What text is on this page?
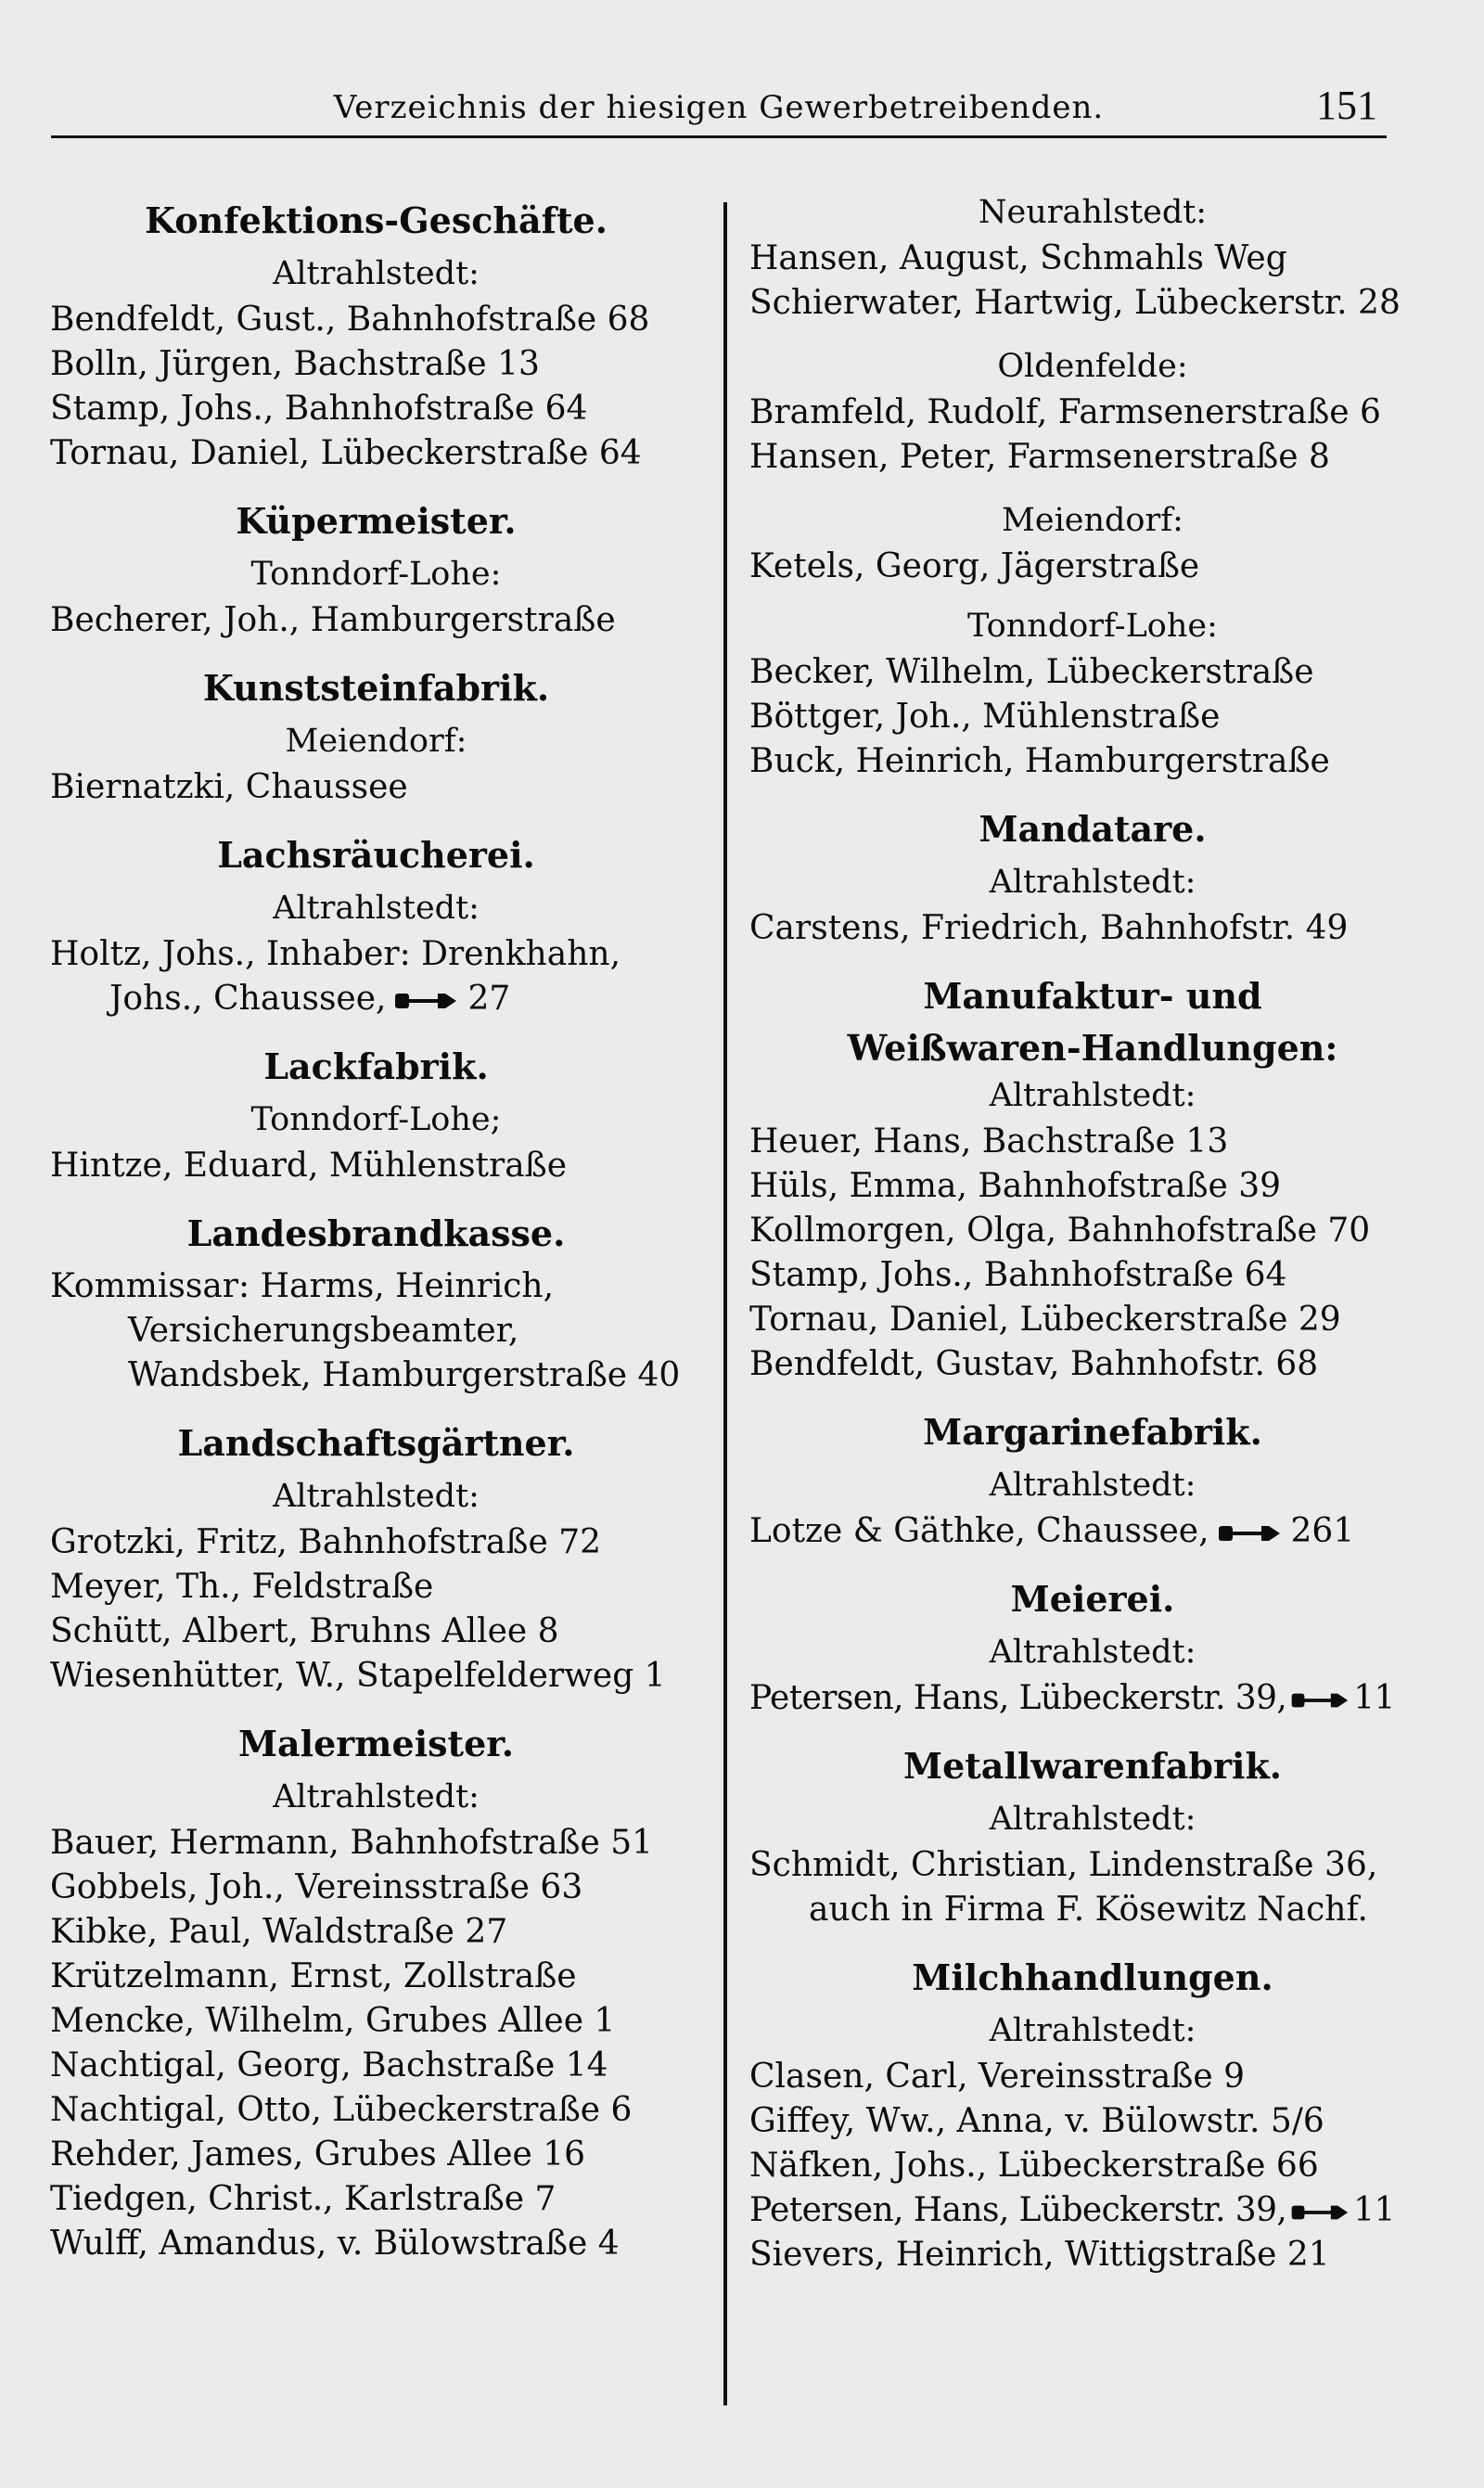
Verzeichnis der hiesigen Gewerbetreibenden.	151
Konfektions-Geschäfte.
Altrahlstedt:
Bendfeldt, Gust., Bahnhofstraße 68
Bolln, Jürgen, Bachstraße 13
Stamp, Johs., Bahnhofstraße 64
Tornau, Daniel, Lübeckerstraße 64
Küpermeister.
Tonndorf-Lohe:
Becherer, Joh., Hamburgerstraße
Kunststeinfabrik.
Meiendorf:
Biernatzki, Chaussee
Lachsräucherei.
Altrahlstedt:
Holtz, Johs., Inhaber: Drenkhahn,
Johs., Chaussee, 27
Lackfabrik.
Tonndorf-Lohe;
Hintze, Eduard, Mühlenstraße
Landesbrandkasse.
Kommissar: Harms, Heinrich, Versicherungsbeamter, Wandsbek, Hamburgerstraße 40
Landschaftsgärtner.
Altrahlstedt:
Grotzki, Fritz, Bahnhofstraße 72
Meyer, Th., Feldstraße
Schütt, Albert, Bruhns Allee 8
Wiesenhütter, W., Stapelfelderweg 1
Malermeister.
Altrahlstedt:
Bauer, Hermann, Bahnhofstraße 51
Gobbels, Joh., Vereinsstraße 63
Kibke, Paul, Waldstraße 27
Krützelmann, Ernst, Zollstraße
Mencke, Wilhelm, Grubes Allee 1
Nachtigal, Georg, Bachstraße 14
Nachtigal, Otto, Lübeckerstraße 6
Rehder, James, Grubes Allee 16
Tiedgen, Christ., Karlstraße 7
Wulff, Amandus, v. Bülowstraße 4
Neurahlstedt:
Hansen, August, Schmahls Weg
Schierwater, Hartwig, Lübeckerstr. 28
Oldenfelde:
Bramfeld, Rudolf, Farmsenerstraße 6
Hansen, Peter, Farmsenerstraße 8
Meiendorf:
Ketels, Georg, Jägerstraße
Tonndorf-Lohe:
Becker, Wilhelm, Lübeckerstraße
Böttger, Joh., Mühlenstraße
Buck, Heinrich, Hamburgerstraße
Mandatare.
Altrahlstedt:
Carstens, Friedrich, Bahnhofstr. 49
Manufaktur- und
Weißwaren-Handlungen:
Altrahlstedt:
Heuer, Hans, Bachstraße 13
Hüls, Emma, Bahnhofstraße 39
Kollmorgen, Olga, Bahnhofstraße 70
Stamp, Johs., Bahnhofstraße 64
Tornau, Daniel, Lübeckerstraße 29
Bendfeldt, Gustav, Bahnhofstr. 68
Margarinefabrik.
Altrahlstedt:
Lotze & Gäthke, Chaussee, 261
Meierei.
Altrahlstedt:
Petersen, Hans, Lübeckerstr. 39, 11
Metallwarenfabrik.
Altrahlstedt:
Schmidt, Christian, Lindenstraße 36,
auch in Firma F. Kösewitz Nachf.
Milchhandlungen.
Altrahlstedt:
Clasen, Carl, Vereinsstraße 9
Giffey, Ww., Anna, v. Bülowstr. 5/6
Näfken, Johs., Lübeckerstraße 66
Petersen, Hans, Lübeckerstr. 39, 11
Sievers, Heinrich, Wittigstraße 21
